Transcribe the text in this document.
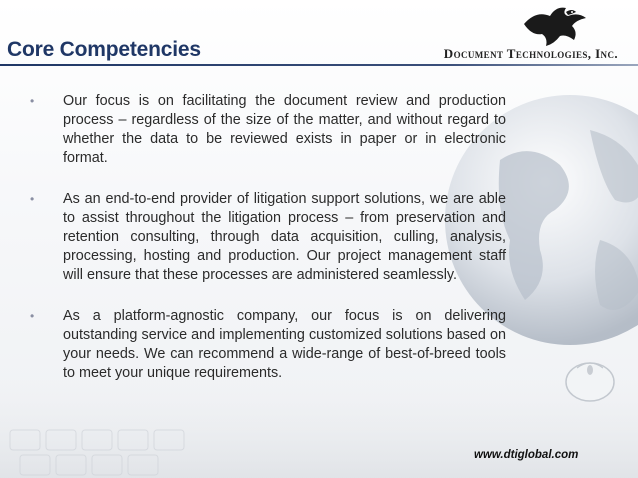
Core Competencies	Document Technologies, Inc.
• Our focus is on facilitating the document review and production process – regardless of the size of the matter, and without regard to whether the data to be reviewed exists in paper or in electronic format.
• As an end-to-end provider of litigation support solutions, we are able to assist throughout the litigation process – from preservation and retention consulting, through data acquisition, culling, analysis, processing, hosting and production. Our project management staff will ensure that these processes are administered seamlessly.
• As a platform-agnostic company, our focus is on delivering outstanding service and implementing customized solutions based on your needs. We can recommend a wide-range of best-of-breed tools to meet your unique requirements.
www.dtiglobal.com
